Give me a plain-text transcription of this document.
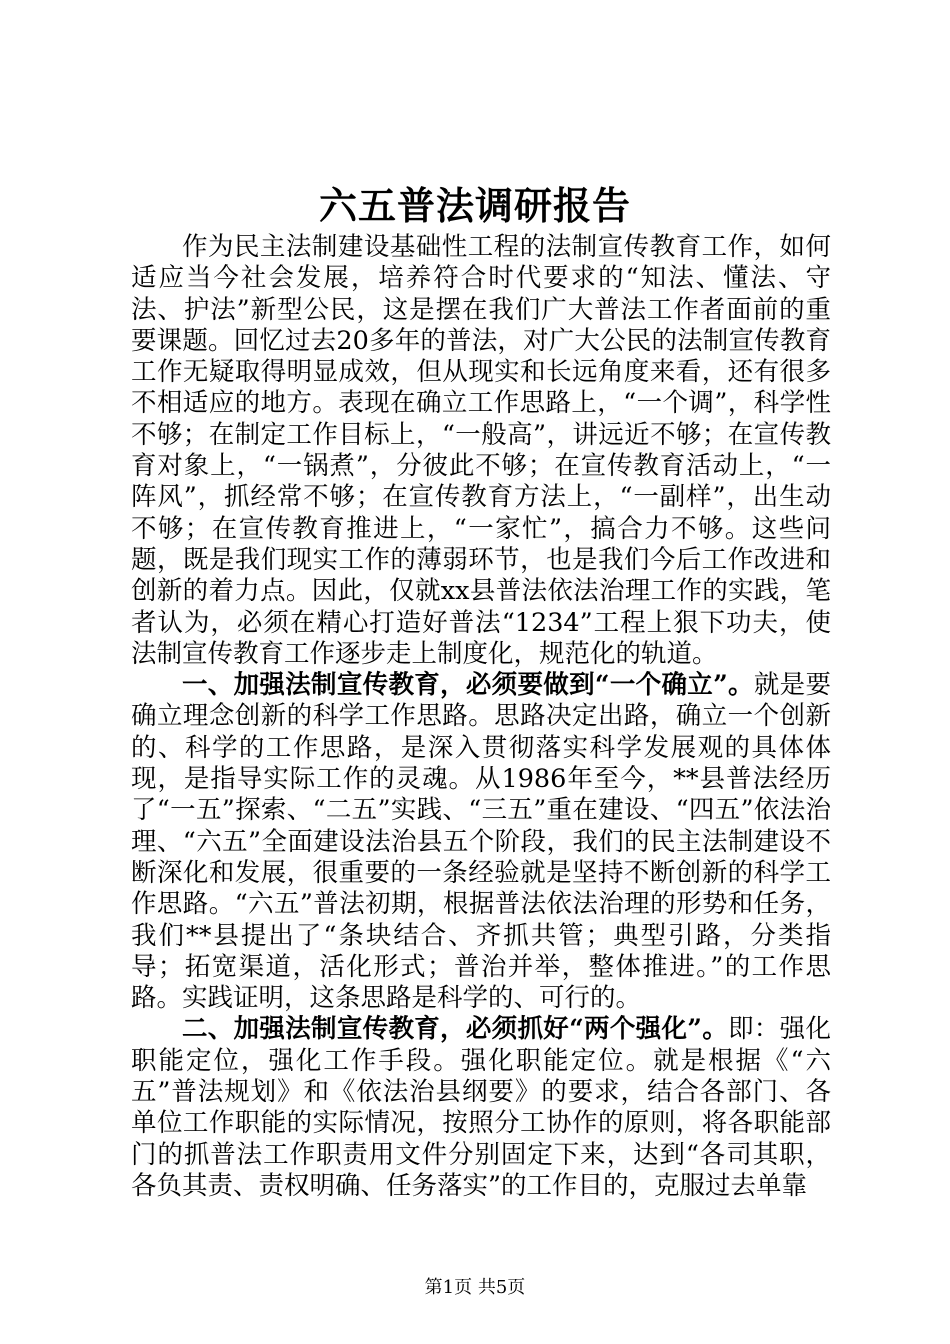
六五普法调研报告

作为民主法制建设基础性工程的法制宣传教育工作，如何适应当今社会发展，培养符合时代要求的“知法、懂法、守法、护法”新型公民，这是摆在我们广大普法工作者面前的重要课题。回忆过去20多年的普法，对广大公民的法制宣传教育工作无疑取得明显成效，但从现实和长远角度来看，还有很多不相适应的地方。表现在确立工作思路上，“一个调”，科学性不够；在制定工作目标上，“一般高”，讲远近不够；在宣传教育对象上，“一锅煮”，分彼此不够；在宣传教育活动上，“一阵风”，抓经常不够；在宣传教育方法上，“一副样”，出生动不够；在宣传教育推进上，“一家忙”，搞合力不够。这些问题，既是我们现实工作的薄弱环节，也是我们今后工作改进和创新的着力点。因此，仅就xx县普法依法治理工作的实践，笔者认为，必须在精心打造好普法“1234”工程上狠下功夫，使法制宣传教育工作逐步走上制度化，规范化的轨道。

一、加强法制宣传教育，必须要做到“一个确立”。就是要确立理念创新的科学工作思路。思路决定出路，确立一个创新的、科学的工作思路，是深入贯彻落实科学发展观的具体体现，是指导实际工作的灵魂。从1986年至今，**县普法经历了“一五”探索、“二五”实践、“三五”重在建设、“四五”依法治理、“六五”全面建设法治县五个阶段，我们的民主法制建设不断深化和发展，很重要的一条经验就是坚持不断创新的科学工作思路。“六五”普法初期，根据普法依法治理的形势和任务，我们**县提出了“条块结合、齐抓共管；典型引路，分类指导；拓宽渠道，活化形式；普治并举，整体推进。”的工作思路。实践证明，这条思路是科学的、可行的。

二、加强法制宣传教育，必须抓好“两个强化”。即：强化职能定位，强化工作手段。强化职能定位。就是根据《“六五”普法规划》和《依法治县纲要》的要求，结合各部门、各单位工作职能的实际情况，按照分工协作的原则，将各职能部门的抓普法工作职责用文件分别固定下来，达到“各司其职，各负其责、责权明确、任务落实”的工作目的，克服过去单靠

第1页 共5页
